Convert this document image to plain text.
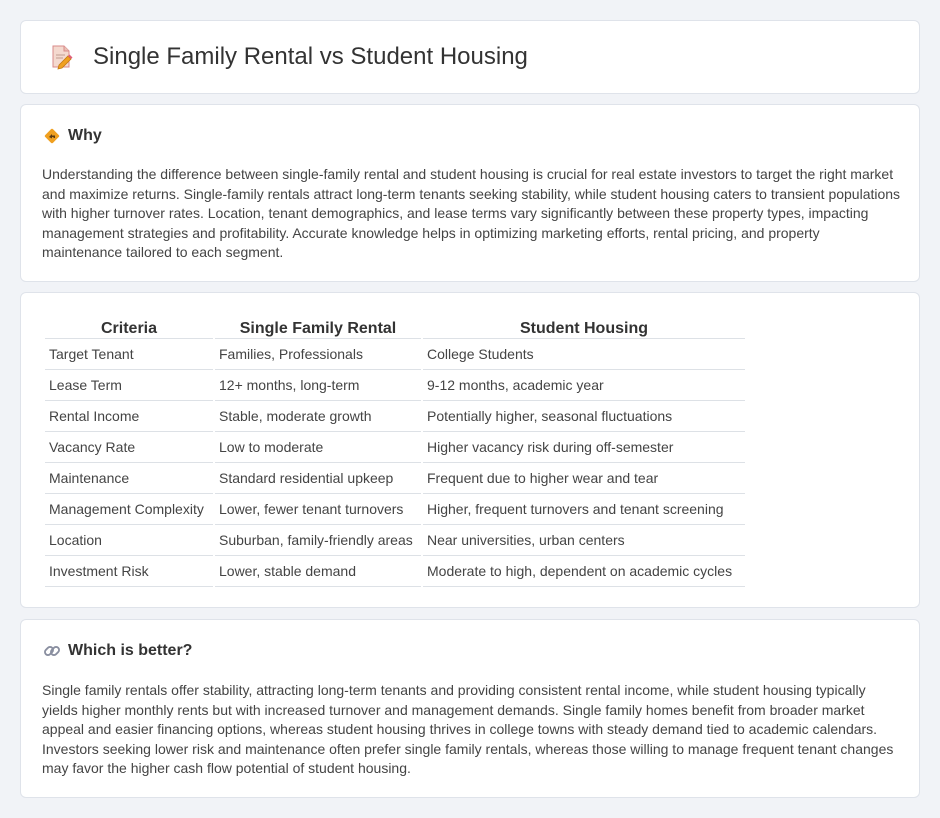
Single Family Rental vs Student Housing
Why

Understanding the difference between single-family rental and student housing is crucial for real estate investors to target the right market and maximize returns. Single-family rentals attract long-term tenants seeking stability, while student housing caters to transient populations with higher turnover rates. Location, tenant demographics, and lease terms vary significantly between these property types, impacting management strategies and profitability. Accurate knowledge helps in optimizing marketing efforts, rental pricing, and property maintenance tailored to each segment.

Criteria	Single Family Rental	Student Housing
Target Tenant	Families, Professionals	College Students
Lease Term	12+ months, long-term	9-12 months, academic year
Rental Income	Stable, moderate growth	Potentially higher, seasonal fluctuations
Vacancy Rate	Low to moderate	Higher vacancy risk during off-semester
Maintenance	Standard residential upkeep	Frequent due to higher wear and tear
Management Complexity	Lower, fewer tenant turnovers	Higher, frequent turnovers and tenant screening
Location	Suburban, family-friendly areas	Near universities, urban centers
Investment Risk	Lower, stable demand	Moderate to high, dependent on academic cycles
Which is better?

Single family rentals offer stability, attracting long-term tenants and providing consistent rental income, while student housing typically yields higher monthly rents but with increased turnover and management demands. Single family homes benefit from broader market appeal and easier financing options, whereas student housing thrives in college towns with steady demand tied to academic calendars. Investors seeking lower risk and maintenance often prefer single family rentals, whereas those willing to manage frequent tenant changes may favor the higher cash flow potential of student housing.
